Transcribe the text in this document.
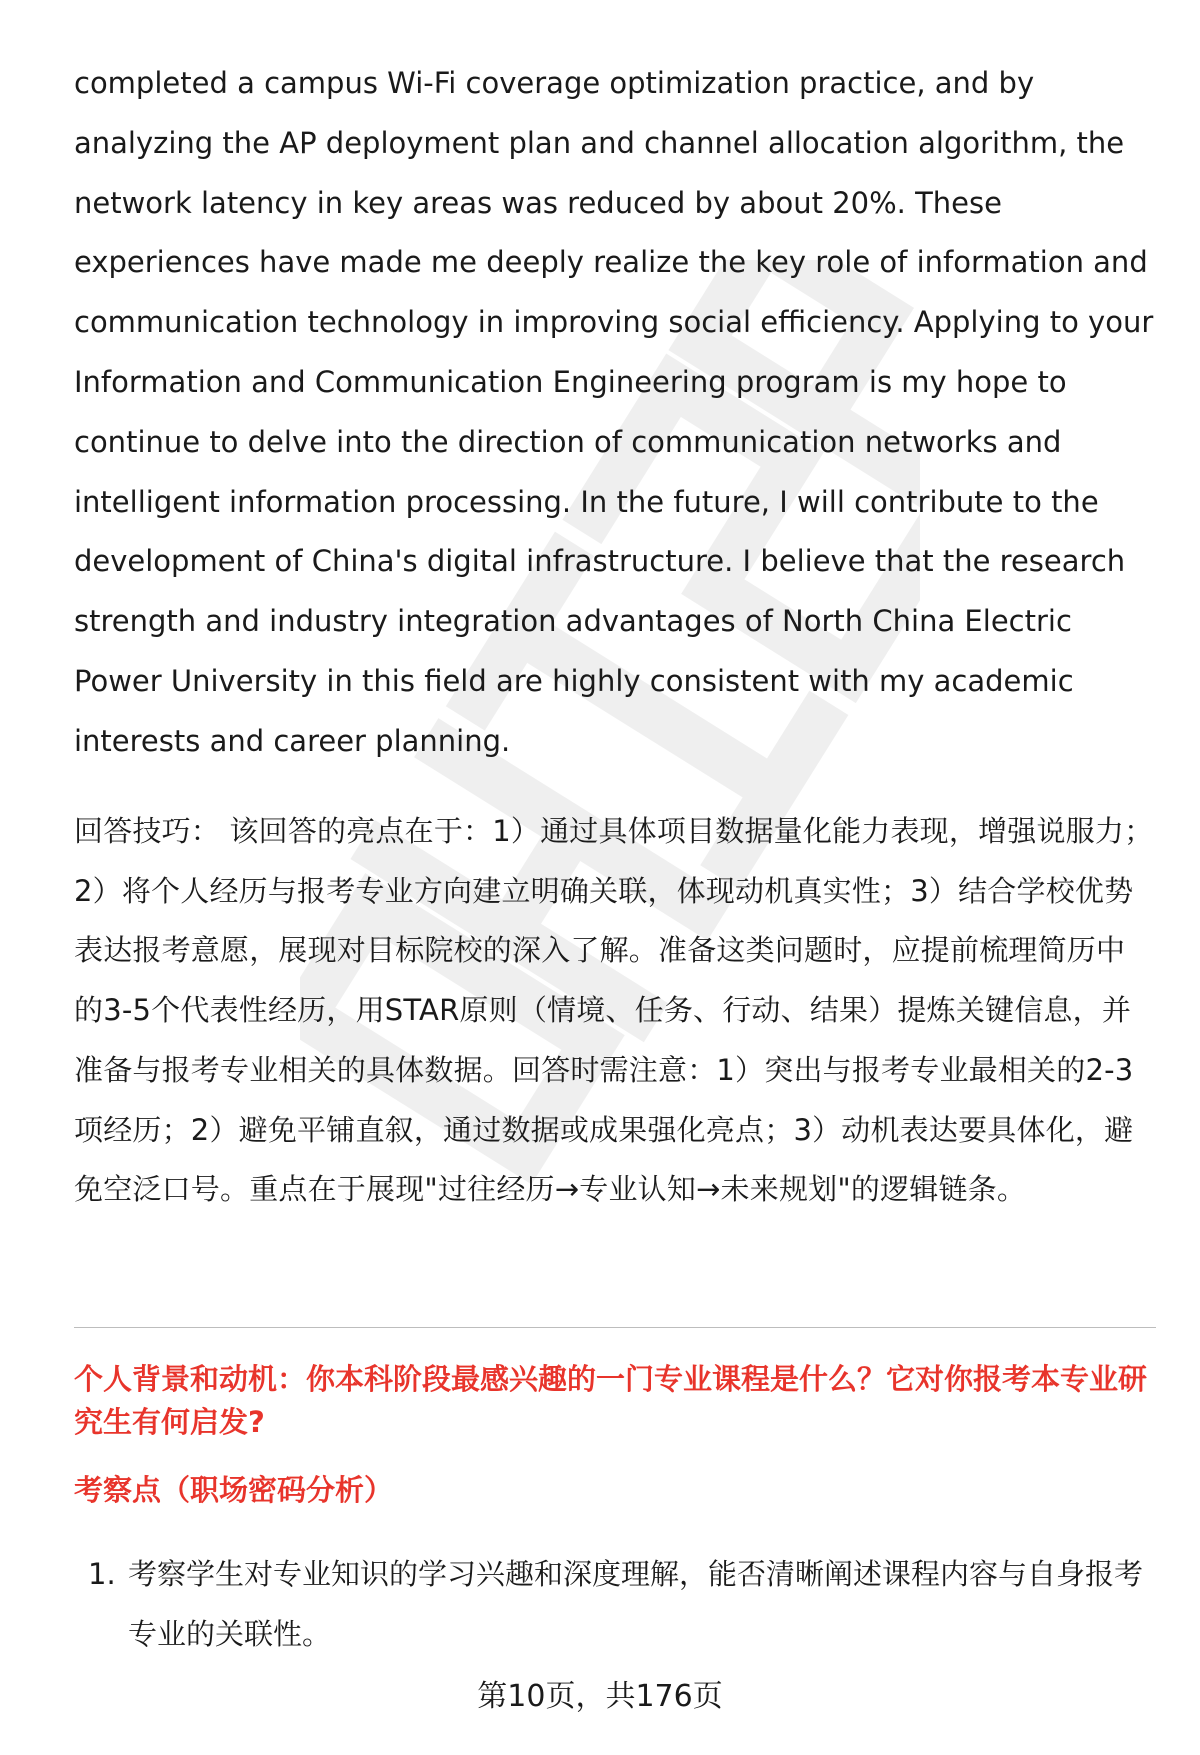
completed a campus Wi-Fi coverage optimization practice, and by analyzing the AP deployment plan and channel allocation algorithm, the network latency in key areas was reduced by about 20%. These experiences have made me deeply realize the key role of information and communication technology in improving social efficiency. Applying to your Information and Communication Engineering program is my hope to continue to delve into the direction of communication networks and intelligent information processing. In the future, I will contribute to the development of China's digital infrastructure. I believe that the research strength and industry integration advantages of North China Electric Power University in this field are highly consistent with my academic interests and career planning.

回答技巧： 该回答的亮点在于：1）通过具体项目数据量化能力表现，增强说服力；2）将个人经历与报考专业方向建立明确关联，体现动机真实性；3）结合学校优势表达报考意愿，展现对目标院校的深入了解。准备这类问题时，应提前梳理简历中的3-5个代表性经历，用STAR原则（情境、任务、行动、结果）提炼关键信息，并准备与报考专业相关的具体数据。回答时需注意：1）突出与报考专业最相关的2-3项经历；2）避免平铺直叙，通过数据或成果强化亮点；3）动机表达要具体化，避免空泛口号。重点在于展现"过往经历→专业认知→未来规划"的逻辑链条。

个人背景和动机：你本科阶段最感兴趣的一门专业课程是什么？它对你报考本专业研究生有何启发?

考察点（职场密码分析）

1. 考察学生对专业知识的学习兴趣和深度理解，能否清晰阐述课程内容与自身报考专业的关联性。
第10页，共176页
